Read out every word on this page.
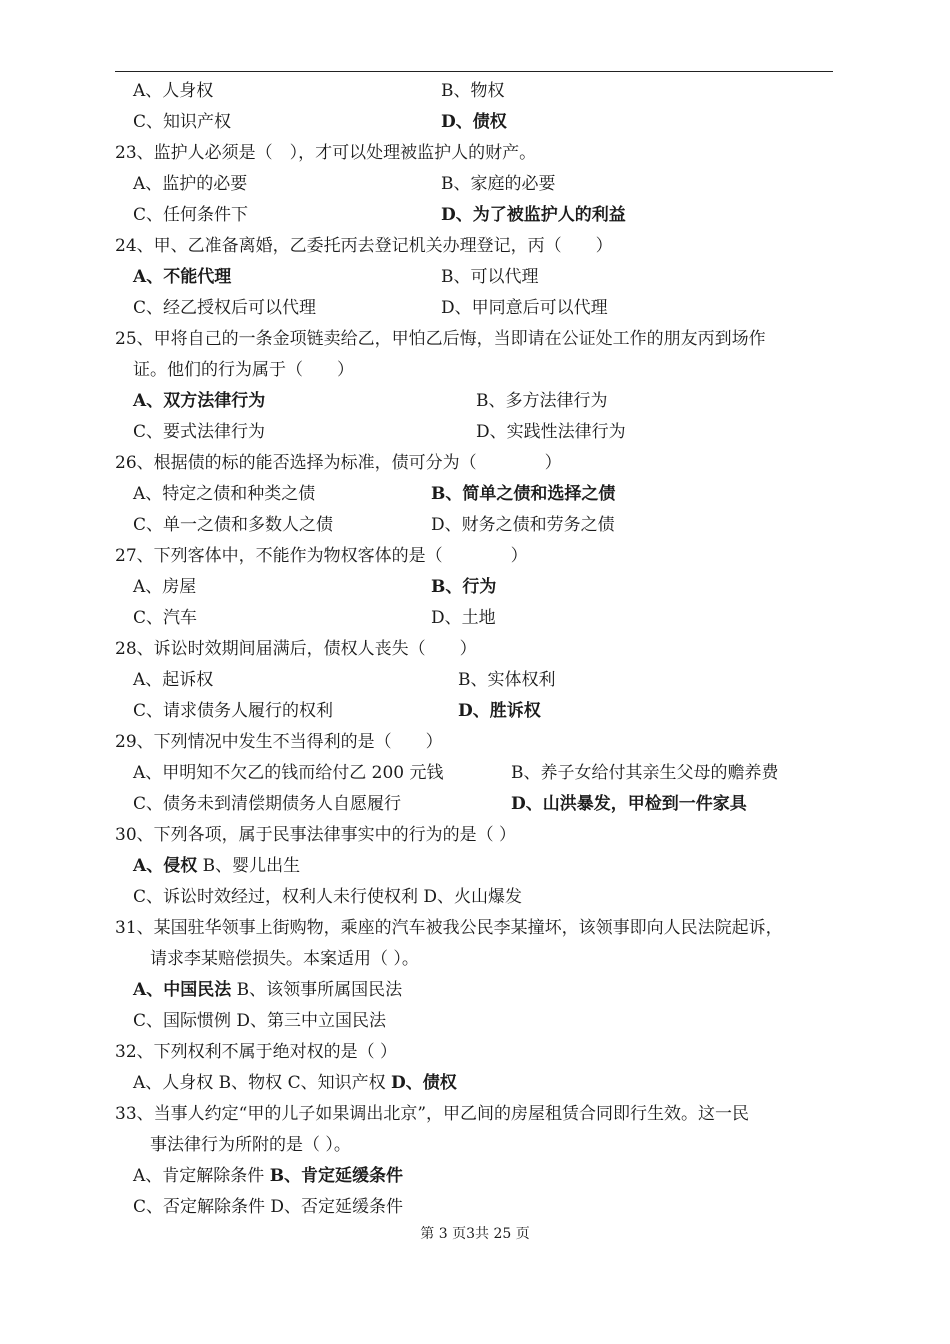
A、人身权	B、物权
C、知识产权	D、债权
23、监护人必须是（　），才可以处理被监护人的财产。
A、监护的必要	B、家庭的必要
C、任何条件下	D、为了被监护人的利益
24、甲、乙准备离婚，乙委托丙去登记机关办理登记，丙（　　）
A、不能代理	B、可以代理
C、经乙授权后可以代理	D、甲同意后可以代理
25、甲将自己的一条金项链卖给乙，甲怕乙后悔，当即请在公证处工作的朋友丙到场作
证。他们的行为属于（　　）
A、双方法律行为	B、多方法律行为
C、要式法律行为	D、实践性法律行为
26、根据债的标的能否选择为标准，债可分为（　　　　）
A、特定之债和种类之债	B、简单之债和选择之债
C、单一之债和多数人之债	D、财务之债和劳务之债
27、下列客体中，不能作为物权客体的是（　　　　）
A、房屋	B、行为
C、汽车	D、土地
28、诉讼时效期间届满后，债权人丧失（　　）
A、起诉权	B、实体权利
C、请求债务人履行的权利	D、胜诉权
29、下列情况中发生不当得利的是（　　）
A、甲明知不欠乙的钱而给付乙 200 元钱	B、养子女给付其亲生父母的赡养费
C、债务未到清偿期债务人自愿履行	D、山洪暴发，甲检到一件家具
30、下列各项，属于民事法律事实中的行为的是（ ）
A、侵权 B、婴儿出生
C、诉讼时效经过，权利人未行使权利 D、火山爆发
31、某国驻华领事上街购物，乘座的汽车被我公民李某撞坏，该领事即向人民法院起诉，
请求李某赔偿损失。本案适用（ ）。
A、中国民法 B、该领事所属国民法
C、国际惯例 D、第三中立国民法
32、下列权利不属于绝对权的是（ ）
A、人身权 B、物权 C、知识产权 D、债权
33、当事人约定“甲的儿子如果调出北京”，甲乙间的房屋租赁合同即行生效。这一民
事法律行为所附的是（ ）。
A、肯定解除条件 B、肯定延缓条件
C、否定解除条件 D、否定延缓条件
第 3 页3共 25 页
